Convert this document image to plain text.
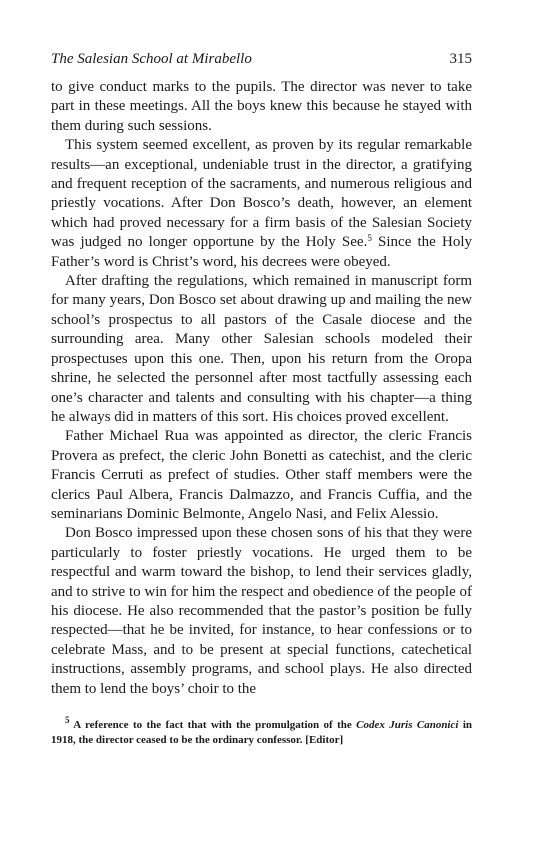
The Salesian School at Mirabello	315

to give conduct marks to the pupils. The director was never to take part in these meetings. All the boys knew this because he stayed with them during such sessions.

This system seemed excellent, as proven by its regular remarkable results—an exceptional, undeniable trust in the director, a gratifying and frequent reception of the sacraments, and numerous religious and priestly vocations. After Don Bosco’s death, however, an element which had proved necessary for a firm basis of the Salesian Society was judged no longer opportune by the Holy See.$^5$ Since the Holy Father’s word is Christ’s word, his decrees were obeyed.

After drafting the regulations, which remained in manuscript form for many years, Don Bosco set about drawing up and mailing the new school’s prospectus to all pastors of the Casale diocese and the surrounding area. Many other Salesian schools modeled their prospectuses upon this one. Then, upon his return from the Oropa shrine, he selected the personnel after most tactfully assessing each one’s character and talents and consulting with his chapter—a thing he always did in matters of this sort. His choices proved excellent.

Father Michael Rua was appointed as director, the cleric Francis Provera as prefect, the cleric John Bonetti as catechist, and the cleric Francis Cerruti as prefect of studies. Other staff members were the clerics Paul Albera, Francis Dalmazzo, and Francis Cuffia, and the seminarians Dominic Belmonte, Angelo Nasi, and Felix Alessio.

Don Bosco impressed upon these chosen sons of his that they were particularly to foster priestly vocations. He urged them to be respectful and warm toward the bishop, to lend their services gladly, and to strive to win for him the respect and obedience of the people of his diocese. He also recommended that the pastor’s position be fully respected—that he be invited, for instance, to hear confessions or to celebrate Mass, and to be present at special functions, catechetical instructions, assembly programs, and school plays. He also directed them to lend the boys’ choir to the

$^5$ A reference to the fact that with the promulgation of the Codex Juris Canonici in 1918, the director ceased to be the ordinary confessor. [Editor]
